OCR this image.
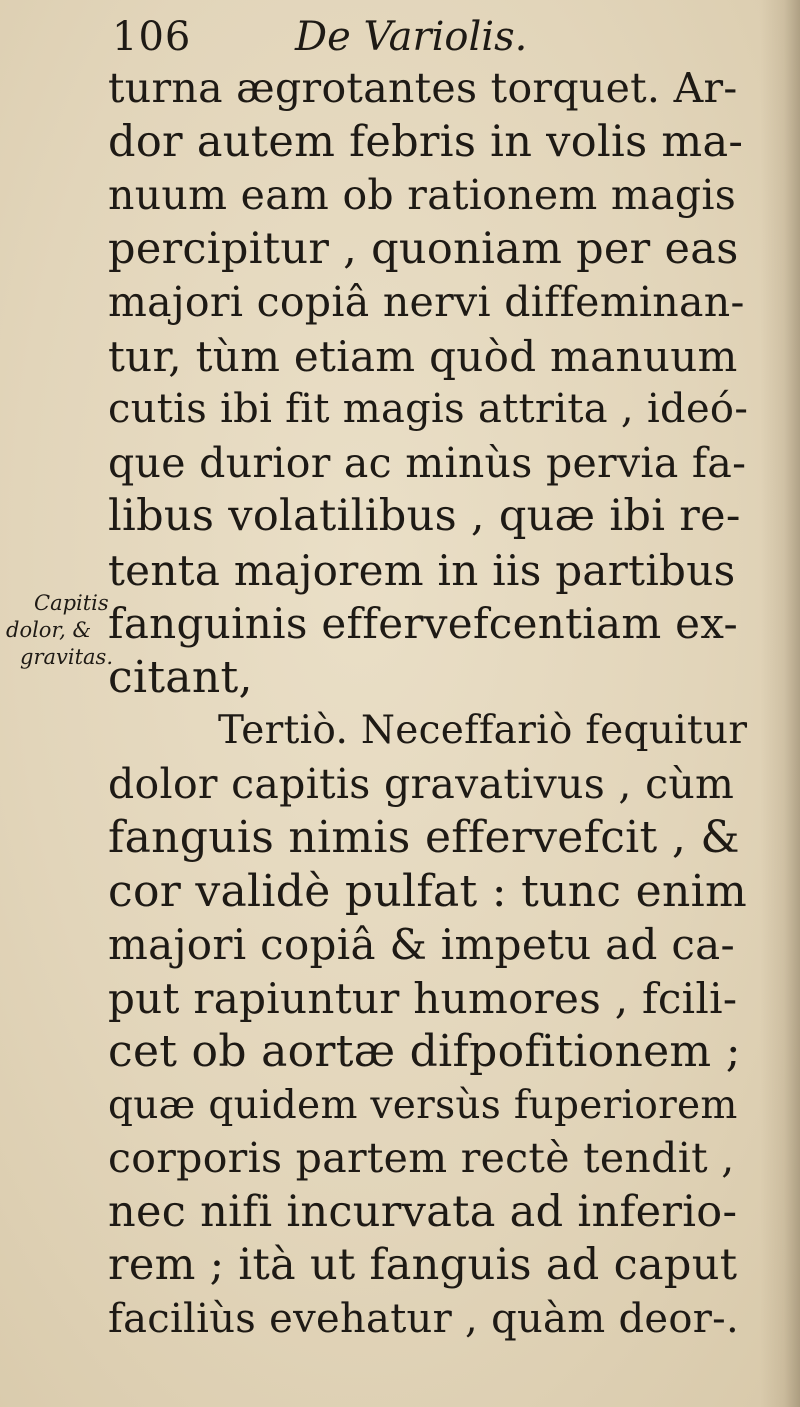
106	De Variolis.
Capitis
dolor, &
gravitas.
turna ægrotantes torquet. Ar-
dor autem febris in volis ma-
nuum eam ob rationem magis
percipitur , quoniam per eas
majori copiâ nervi diffeminan-
tur, tùm etiam quòd manuum
cutis ibi fit magis attrita , ideó-
que durior ac minùs pervia fa-
libus volatilibus , quæ ibi re-
tenta majorem in iis partibus
fanguinis effervefcentiam ex-
citant,
Tertiò. Neceffariò fequitur
dolor capitis gravativus , cùm
fanguis nimis effervefcit , &
cor validè pulfat : tunc enim
majori copiâ & impetu ad ca-
put rapiuntur humores , fcili-
cet ob aortæ difpofitionem ;
quæ quidem versùs fuperiorem
corporis partem rectè tendit ,
nec nifi incurvata ad inferio-
rem ; ità ut fanguis ad caput
faciliùs evehatur , quàm deor-.
